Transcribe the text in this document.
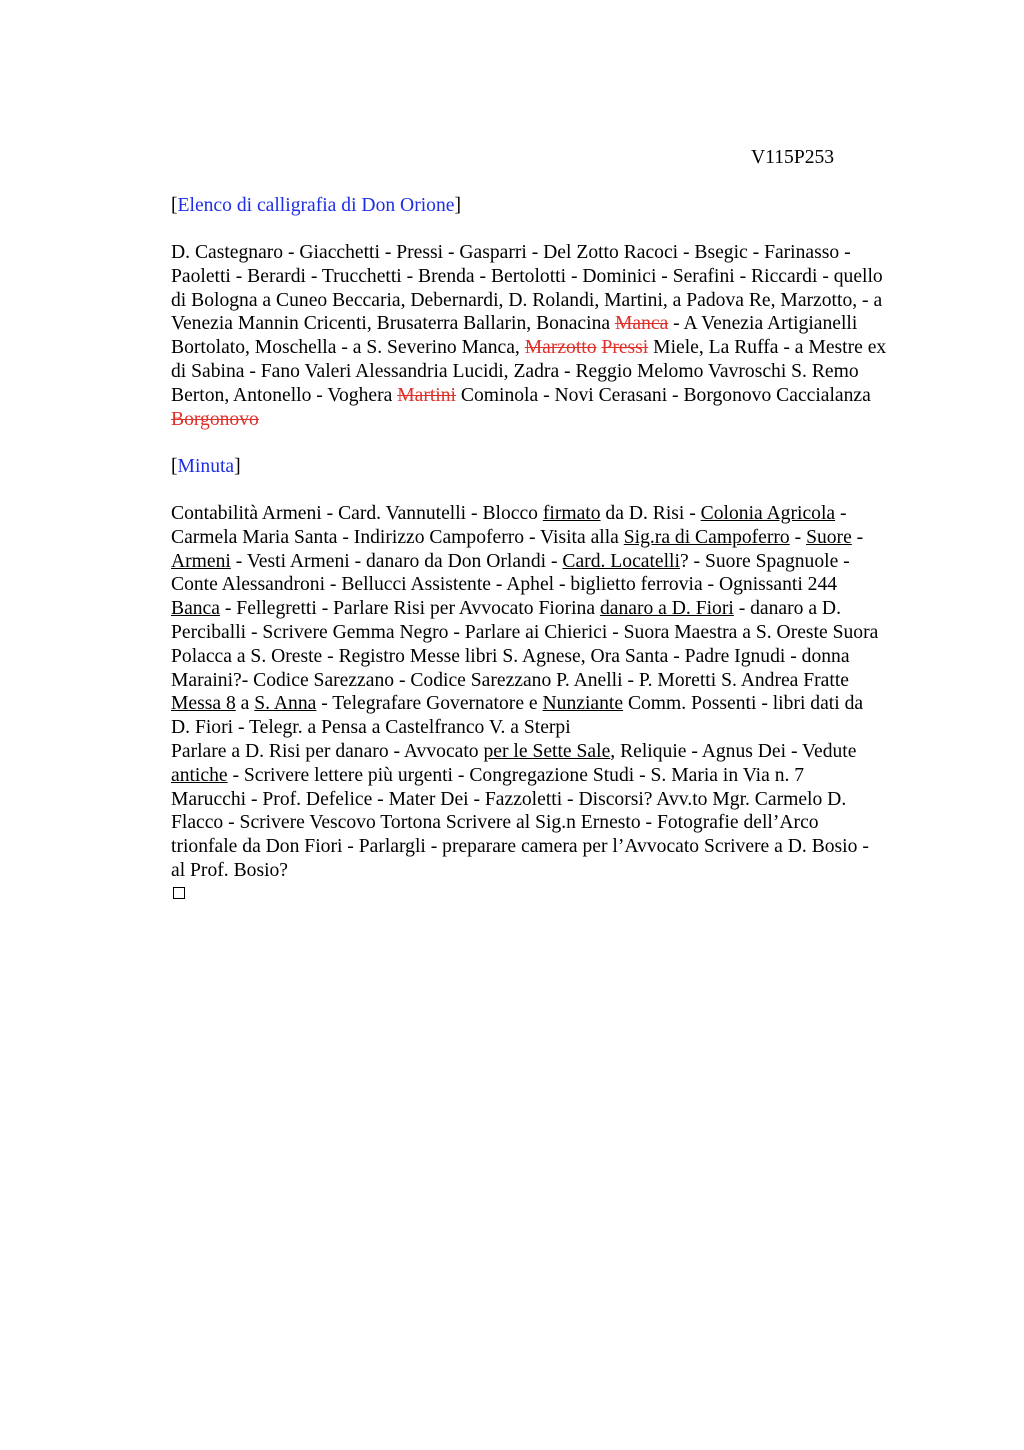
V115P253
[Elenco di calligrafia di Don Orione]
D. Castegnaro - Giacchetti - Pressi - Gasparri - Del Zotto Racoci - Bsegic - Farinasso -
Paoletti - Berardi - Trucchetti - Brenda - Bertolotti - Dominici - Serafini - Riccardi - quello
di Bologna a Cuneo Beccaria, Debernardi, D. Rolandi, Martini, a Padova Re, Marzotto, - a
Venezia Mannin Cricenti, Brusaterra Ballarin, Bonacina Manca - A Venezia Artigianelli
Bortolato, Moschella - a S. Severino Manca, Marzotto Pressi Miele, La Ruffa - a Mestre ex
di Sabina - Fano Valeri Alessandria Lucidi, Zadra - Reggio Melomo Vavroschi S. Remo
Berton, Antonello - Voghera Martini Cominola - Novi Cerasani - Borgonovo Caccialanza
Borgonovo
[Minuta]
Contabilità Armeni - Card. Vannutelli - Blocco firmato da D. Risi - Colonia Agricola -
Carmela Maria Santa - Indirizzo Campoferro - Visita alla Sig.ra di Campoferro - Suore -
Armeni - Vesti Armeni - danaro da Don Orlandi - Card. Locatelli? - Suore Spagnuole -
Conte Alessandroni - Bellucci Assistente - Aphel - biglietto ferrovia - Ognissanti 244
Banca - Fellegretti - Parlare Risi per Avvocato Fiorina danaro a D. Fiori - danaro a D.
Perciballi - Scrivere Gemma Negro - Parlare ai Chierici - Suora Maestra a S. Oreste Suora
Polacca a S. Oreste - Registro Messe libri S. Agnese, Ora Santa - Padre Ignudi - donna
Maraini?- Codice Sarezzano - Codice Sarezzano P. Anelli - P. Moretti S. Andrea Fratte
Messa 8 a S. Anna - Telegrafare Governatore e Nunziante Comm. Possenti - libri dati da
D. Fiori - Telegr. a Pensa a Castelfranco V. a Sterpi
Parlare a D. Risi per danaro - Avvocato per le Sette Sale, Reliquie - Agnus Dei - Vedute
antiche - Scrivere lettere più urgenti - Congregazione Studi - S. Maria in Via n. 7
Marucchi - Prof. Defelice - Mater Dei - Fazzoletti - Discorsi? Avv.to Mgr. Carmelo D.
Flacco - Scrivere Vescovo Tortona Scrivere al Sig.n Ernesto - Fotografie dell’Arco
trionfale da Don Fiori - Parlargli - preparare camera per l’Avvocato Scrivere a D. Bosio -
al Prof. Bosio?
